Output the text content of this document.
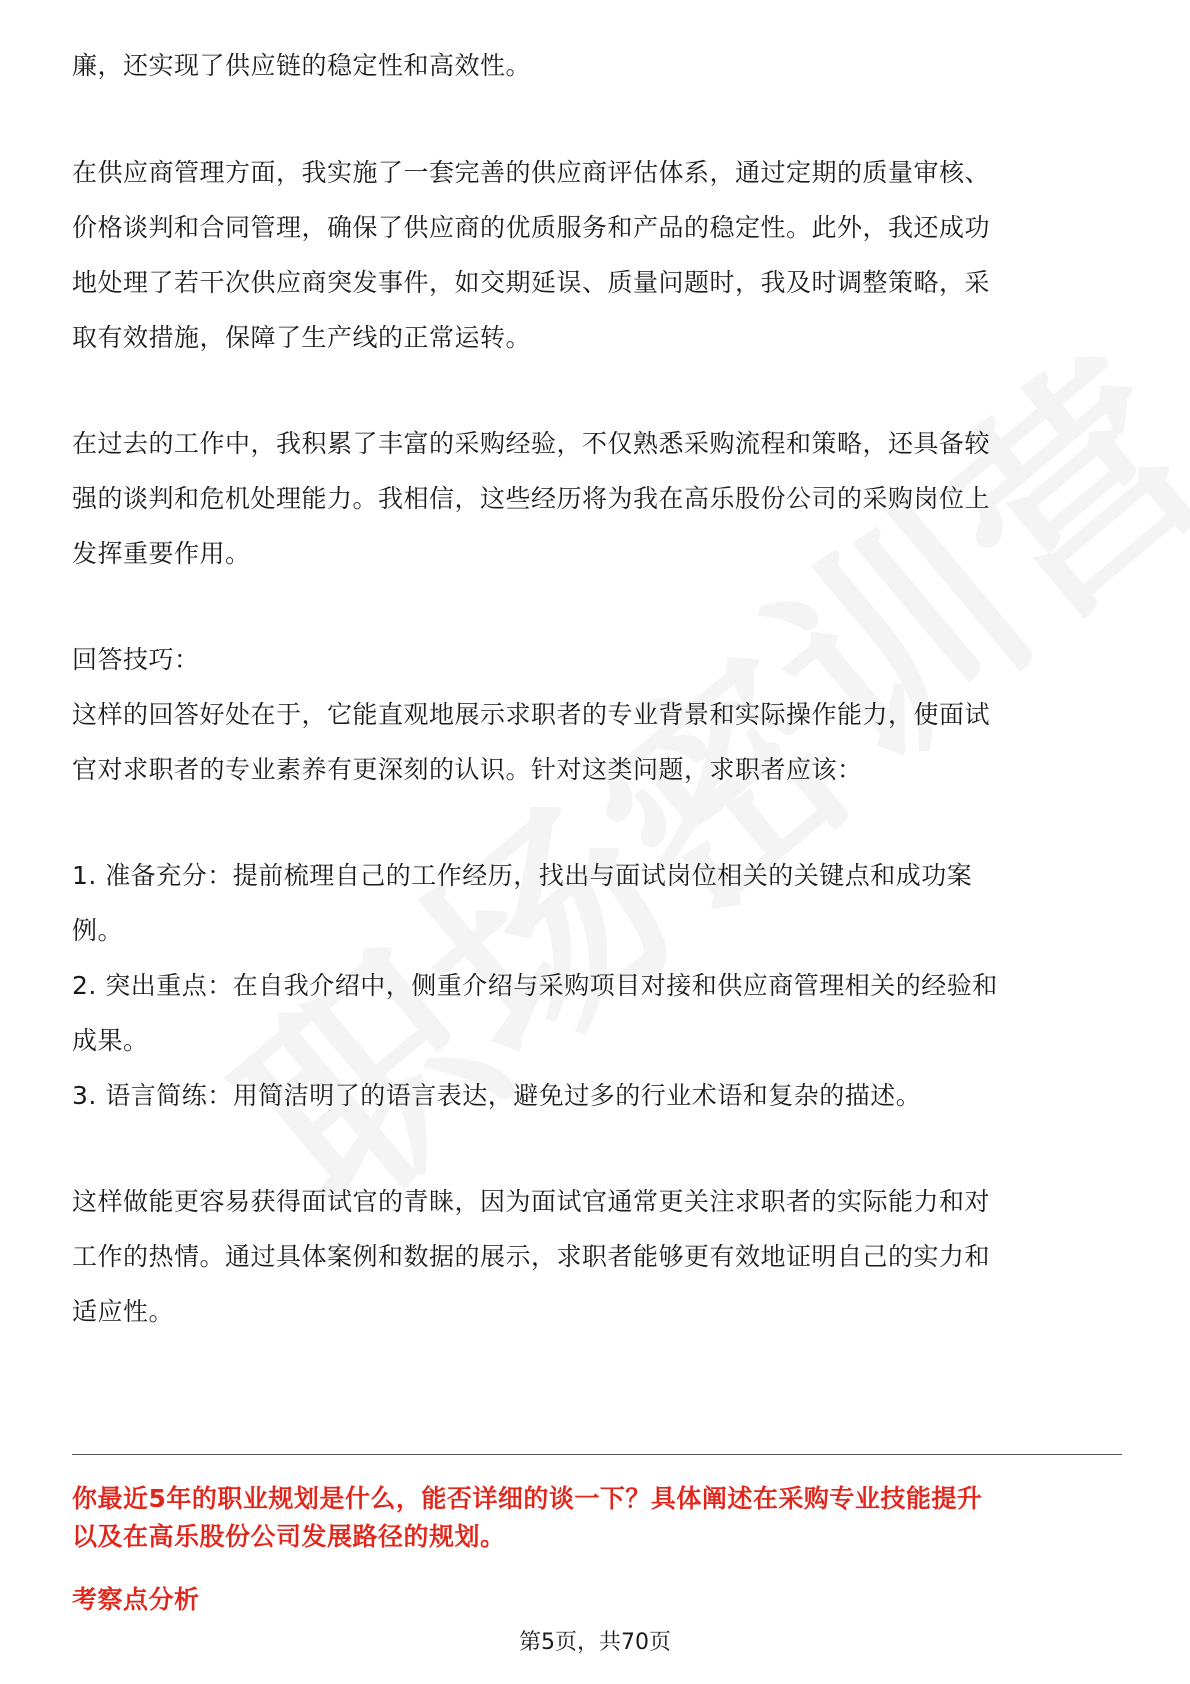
廉，还实现了供应链的稳定性和高效性。

在供应商管理方面，我实施了一套完善的供应商评估体系，通过定期的质量审核、

价格谈判和合同管理，确保了供应商的优质服务和产品的稳定性。此外，我还成功

地处理了若干次供应商突发事件，如交期延误、质量问题时，我及时调整策略，采

取有效措施，保障了生产线的正常运转。

在过去的工作中，我积累了丰富的采购经验，不仅熟悉采购流程和策略，还具备较

强的谈判和危机处理能力。我相信，这些经历将为我在高乐股份公司的采购岗位上

发挥重要作用。

回答技巧：

这样的回答好处在于，它能直观地展示求职者的专业背景和实际操作能力，使面试

官对求职者的专业素养有更深刻的认识。针对这类问题，求职者应该：

1. 准备充分：提前梳理自己的工作经历，找出与面试岗位相关的关键点和成功案

例。

2. 突出重点：在自我介绍中，侧重介绍与采购项目对接和供应商管理相关的经验和

成果。

3. 语言简练：用简洁明了的语言表达，避免过多的行业术语和复杂的描述。

这样做能更容易获得面试官的青睐，因为面试官通常更关注求职者的实际能力和对

工作的热情。通过具体案例和数据的展示，求职者能够更有效地证明自己的实力和

适应性。

你最近5年的职业规划是什么，能否详细的谈一下？具体阐述在采购专业技能提升

以及在高乐股份公司发展路径的规划。

考察点分析

第5页，共70页
